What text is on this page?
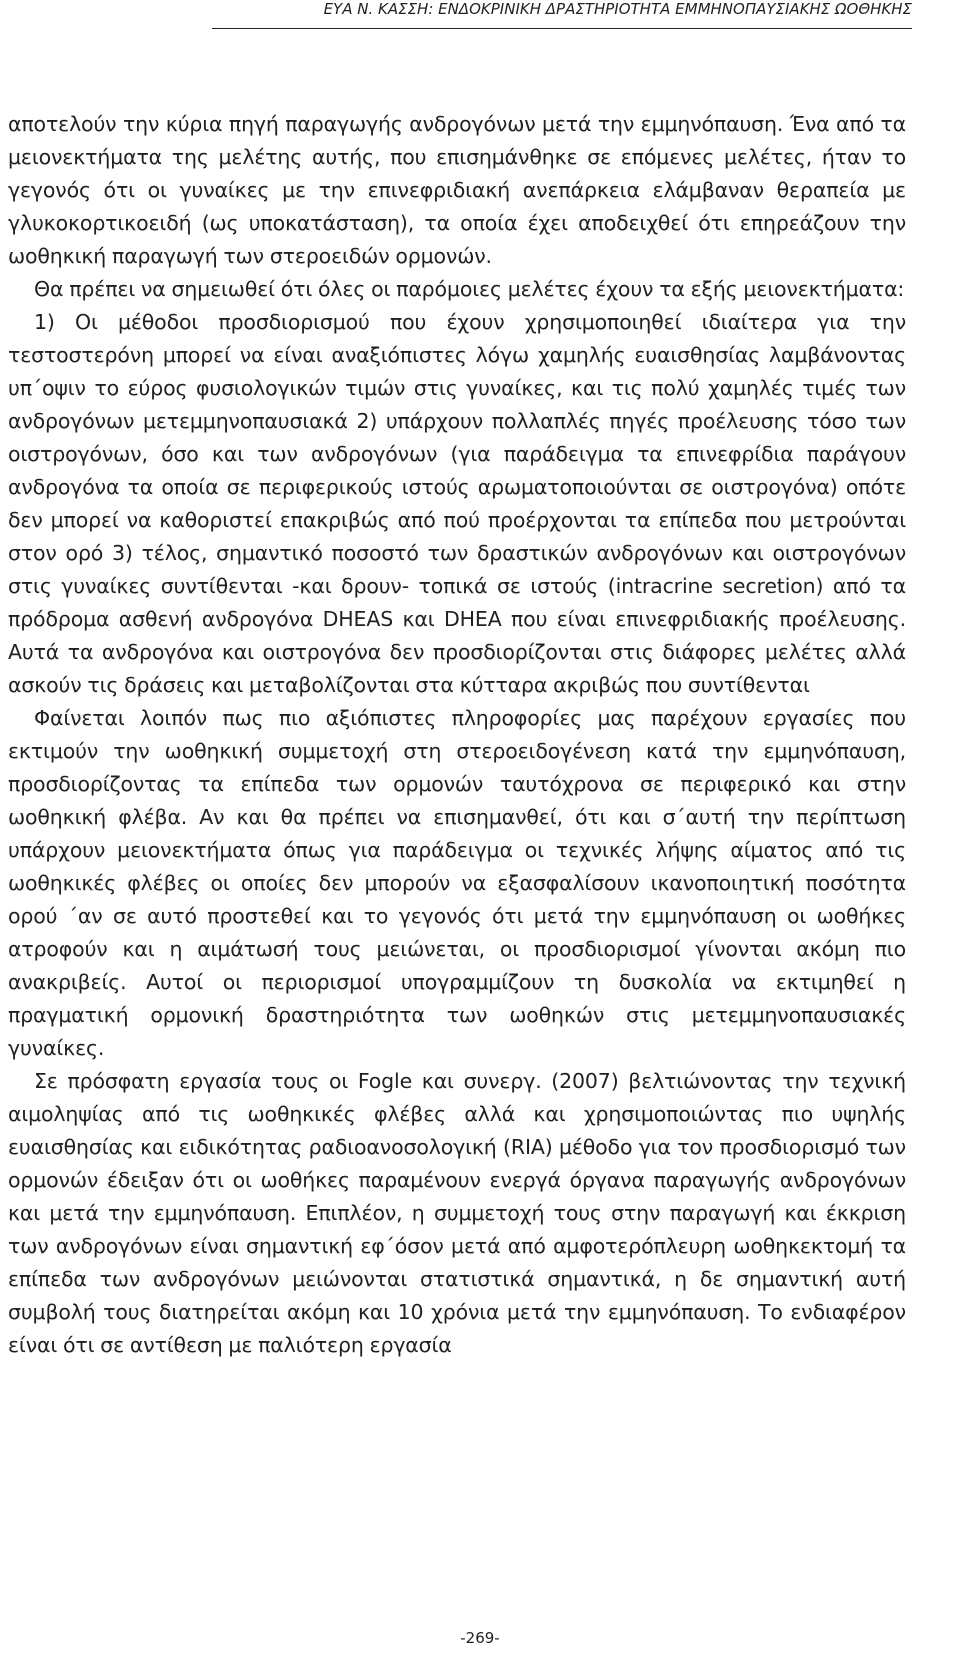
ΕΥΑ Ν. ΚΑΣΣΗ: ΕΝΔΟΚΡΙΝΙΚΗ ΔΡΑΣΤΗΡΙΟΤΗΤΑ ΕΜΜΗΝΟΠΑΥΣΙΑΚΗΣ ΩΟΘΗΚΗΣ

αποτελούν την κύρια πηγή παραγωγής ανδρογόνων μετά την εμμηνόπαυση. Ένα από τα μειονεκτήματα της μελέτης αυτής, που επισημάνθηκε σε επόμενες μελέτες, ήταν το γεγονός ότι οι γυναίκες με την επινεφριδιακή ανεπάρκεια ελάμβαναν θεραπεία με γλυκοκορτικοειδή (ως υποκατάσταση), τα οποία έχει αποδειχθεί ότι επηρεάζουν την ωοθηκική παραγωγή των στεροειδών ορμονών.

Θα πρέπει να σημειωθεί ότι όλες οι παρόμοιες μελέτες έχουν τα εξής μειονεκτήματα:

1) Οι μέθοδοι προσδιορισμού που έχουν χρησιμοποιηθεί ιδιαίτερα για την τεστοστερόνη μπορεί να είναι αναξιόπιστες λόγω χαμηλής ευαισθησίας λαμβάνοντας υπ΄οψιν το εύρος φυσιολογικών τιμών στις γυναίκες, και τις πολύ χαμηλές τιμές των ανδρογόνων μετεμμηνοπαυσιακά 2) υπάρχουν πολλαπλές πηγές προέλευσης τόσο των οιστρογόνων, όσο και των ανδρογόνων (για παράδειγμα τα επινεφρίδια παράγουν ανδρογόνα τα οποία σε περιφερικούς ιστούς αρωματοποιούνται σε οιστρογόνα) οπότε δεν μπορεί να καθοριστεί επακριβώς από πού προέρχονται τα επίπεδα που μετρούνται στον ορό 3) τέλος, σημαντικό ποσοστό των δραστικών ανδρογόνων και οιστρογόνων στις γυναίκες συντίθενται -και δρουν- τοπικά σε ιστούς (intracrine secretion) από τα πρόδρομα ασθενή ανδρογόνα DHEAS και DHEA που είναι επινεφριδιακής προέλευσης. Αυτά τα ανδρογόνα και οιστρογόνα δεν προσδιορίζονται στις διάφορες μελέτες αλλά ασκούν τις δράσεις και μεταβολίζονται στα κύτταρα ακριβώς που συντίθενται

Φαίνεται λοιπόν πως πιο αξιόπιστες πληροφορίες μας παρέχουν εργασίες που εκτιμούν την ωοθηκική συμμετοχή στη στεροειδογένεση κατά την εμμηνόπαυση, προσδιορίζοντας τα επίπεδα των ορμονών ταυτόχρονα σε περιφερικό και στην ωοθηκική φλέβα. Αν και θα πρέπει να επισημανθεί, ότι και σ΄αυτή την περίπτωση υπάρχουν μειονεκτήματα όπως για παράδειγμα οι τεχνικές λήψης αίματος από τις ωοθηκικές φλέβες οι οποίες δεν μπορούν να εξασφαλίσουν ικανοποιητική ποσότητα ορού ΄αν σε αυτό προστεθεί και το γεγονός ότι μετά την εμμηνόπαυση οι ωοθήκες ατροφούν και η αιμάτωσή τους μειώνεται, οι προσδιορισμοί γίνονται ακόμη πιο ανακριβείς. Αυτοί οι περιορισμοί υπογραμμίζουν τη δυσκολία να εκτιμηθεί η πραγματική ορμονική δραστηριότητα των ωοθηκών στις μετεμμηνοπαυσιακές γυναίκες.

Σε πρόσφατη εργασία τους οι Fogle και συνεργ. (2007) βελτιώνοντας την τεχνική αιμοληψίας από τις ωοθηκικές φλέβες αλλά και χρησιμοποιώντας πιο υψηλής ευαισθησίας και ειδικότητας ραδιοανοσολογική (RIA) μέθοδο για τον προσδιορισμό των ορμονών έδειξαν ότι οι ωοθήκες παραμένουν ενεργά όργανα παραγωγής ανδρογόνων και μετά την εμμηνόπαυση. Επιπλέον, η συμμετοχή τους στην παραγωγή και έκκριση των ανδρογόνων είναι σημαντική εφ΄όσον μετά από αμφοτερόπλευρη ωοθηκεκτομή τα επίπεδα των ανδρογόνων μειώνονται στατιστικά σημαντικά, η δε σημαντική αυτή συμβολή τους διατηρείται ακόμη και 10 χρόνια μετά την εμμηνόπαυση. Το ενδιαφέρον είναι ότι σε αντίθεση με παλιότερη εργασία

-269-
